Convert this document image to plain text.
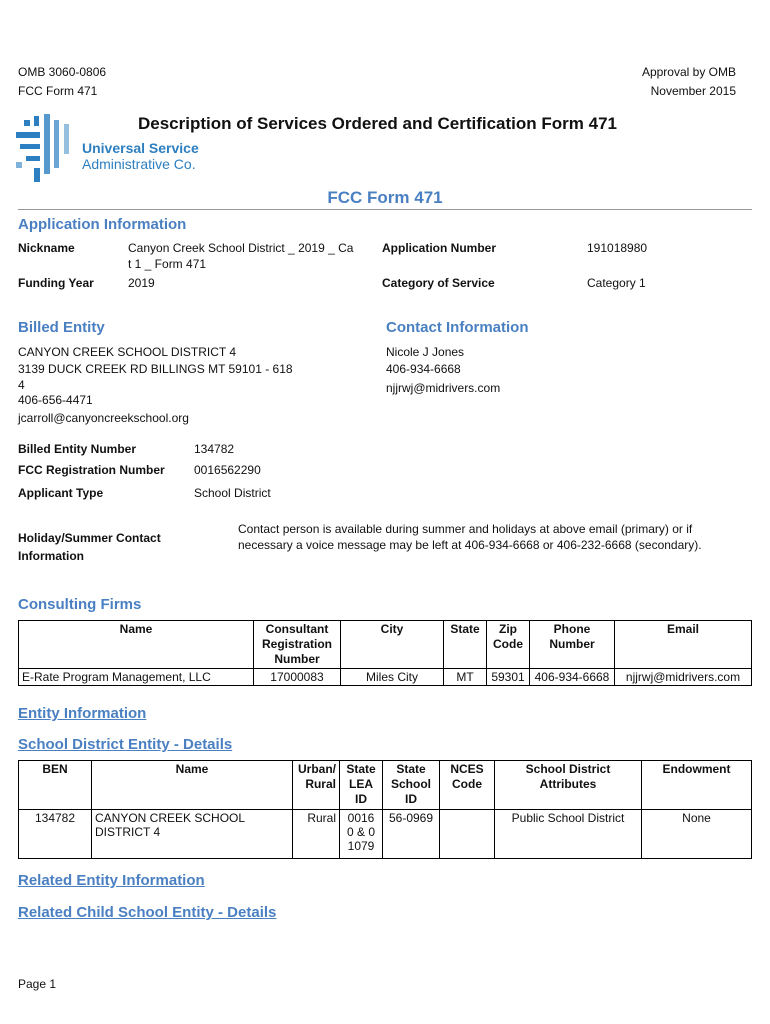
OMB 3060-0806
FCC Form 471
Approval by OMB
November 2015
Universal Service
Administrative Co.
Description of Services Ordered and Certification Form 471
FCC Form 471
Application Information
Nickname	Canyon Creek School District _ 2019 _ Ca
t 1 _ Form 471
Application Number	191018980
Funding Year	2019	Category of Service	Category 1
Billed Entity
CANYON CREEK SCHOOL DISTRICT 4
3139 DUCK CREEK RD BILLINGS MT 59101 - 618
4
406-656-4471
jcarroll@canyoncreekschool.org
Contact Information
Nicole J Jones
406-934-6668
njjrwj@midrivers.com
Billed Entity Number	134782
FCC Registration Number 0016562290
Applicant Type	School District
Holiday/Summer Contact
Information
Contact person is available during summer and holidays at above email (primary) or if
necessary a voice message may be left at 406-934-6668 or 406-232-6668 (secondary).
Consulting Firms
Name	Consultant Registration Number	City	State	Zip Code	Phone Number	Email
E-Rate Program Management, LLC	17000083	Miles City	MT	59301	406-934-6668	njjrwj@midrivers.com
Entity Information
School District Entity - Details
BEN	Name	Urban/ Rural	State LEA ID	State School ID	NCES Code	School District Attributes	Endowment
134782	CANYON CREEK SCHOOL DISTRICT 4	Rural	0016 0 & 0 1079	56-0969		Public School District	None
Related Entity Information
Related Child School Entity - Details
Page 1
